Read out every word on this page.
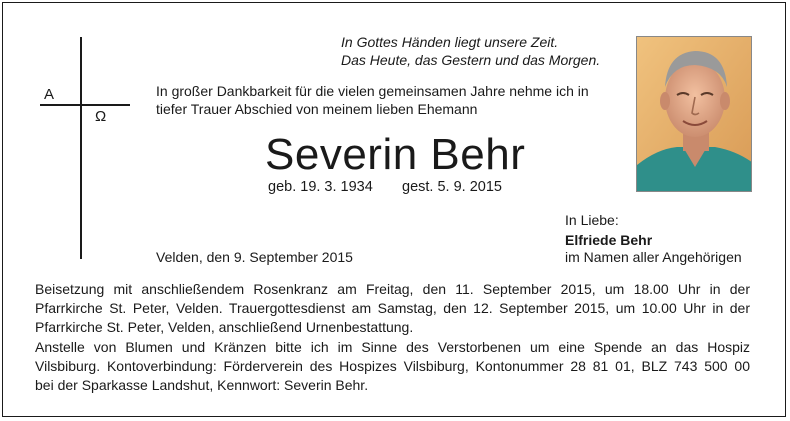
A
Ω
In Gottes Händen liegt unsere Zeit.
Das Heute, das Gestern und das Morgen.
In großer Dankbarkeit für die vielen gemeinsamen Jahre nehme ich in
tiefer Trauer Abschied von meinem lieben Ehemann
Severin Behr
geb. 19. 3. 1934 gest. 5. 9. 2015
In Liebe:
Elfriede Behr
im Namen aller Angehörigen
Velden, den 9. September 2015
Beisetzung mit anschließendem Rosenkranz am Freitag, den 11. September 2015, um 18.00 Uhr in der
Pfarrkirche St. Peter, Velden. Trauergottesdienst am Samstag, den 12. September 2015, um 10.00 Uhr in der
Pfarrkirche St. Peter, Velden, anschließend Urnenbestattung.
Anstelle von Blumen und Kränzen bitte ich im Sinne des Verstorbenen um eine Spende an das Hospiz
Vilsbiburg. Kontoverbindung: Förderverein des Hospizes Vilsbiburg, Kontonummer 28 81 01, BLZ 743 500 00
bei der Sparkasse Landshut, Kennwort: Severin Behr.
